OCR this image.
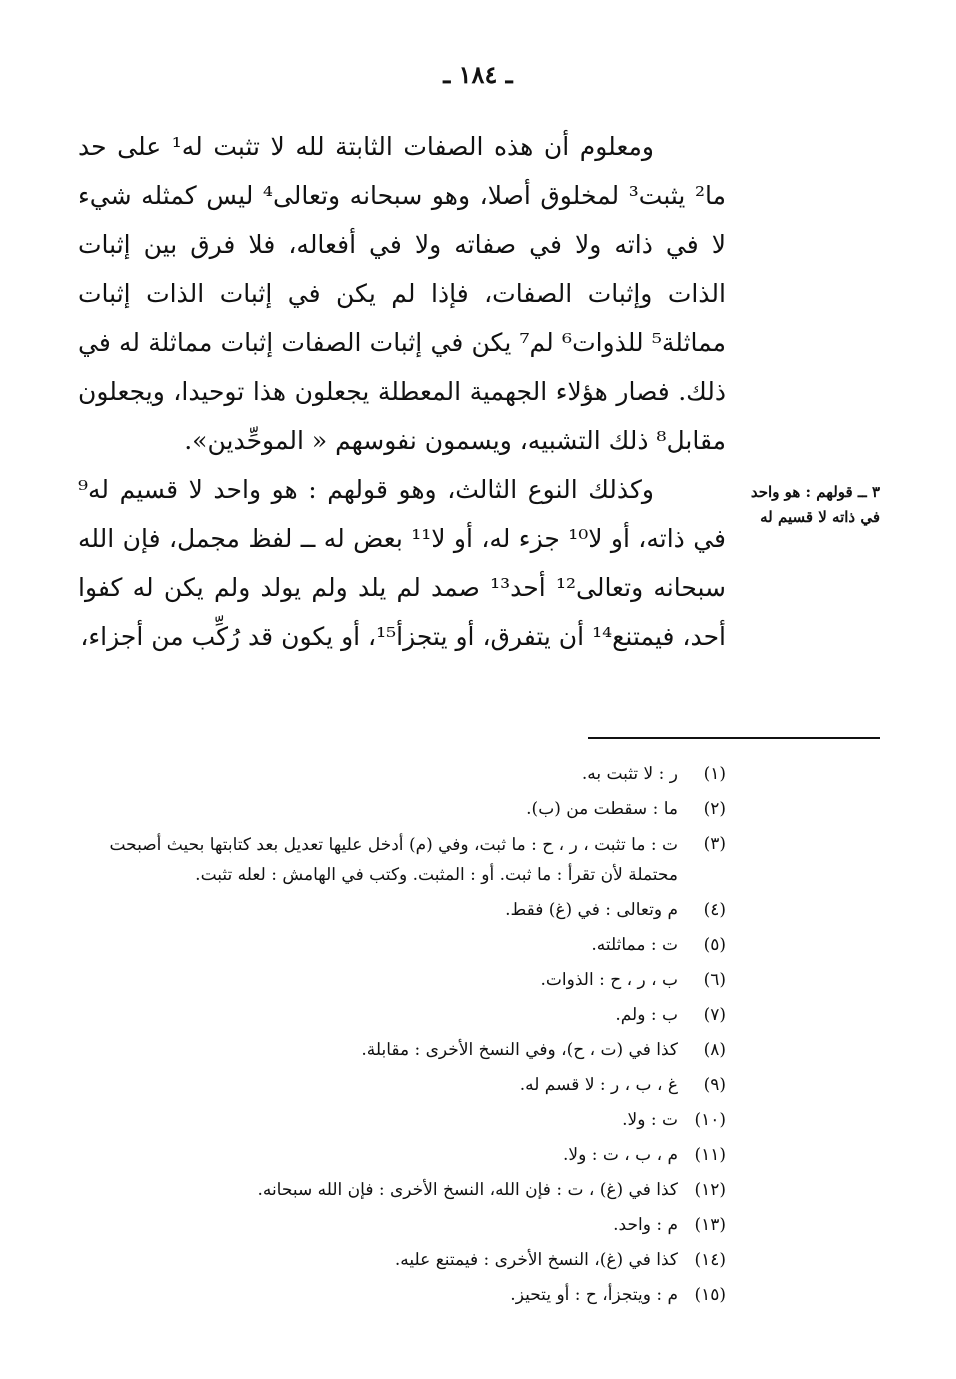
ـ ١٨٤ ـ

ومعلوم أن هذه الصفات الثابتة لله لا تثبت له¹ على حد ما² يثبت³ لمخلوق أصلا، وهو سبحانه وتعالى⁴ ليس كمثله شيء لا في ذاته ولا في صفاته ولا في أفعاله، فلا فرق بين إثبات الذات وإثبات الصفات، فإذا لم يكن في إثبات الذات إثبات مماثلة⁵ للذوات⁶ لم⁷ يكن في إثبات الصفات إثبات مماثلة له في ذلك. فصار هؤلاء الجهمية المعطلة يجعلون هذا توحيدا، ويجعلون مقابل⁸ ذلك التشبيه، ويسمون نفوسهم « الموحِّدين».

وكذلك النوع الثالث، وهو قولهم : هو واحد لا قسيم له⁹ في ذاته، أو لا¹⁰ جزء له، أو لا¹¹ بعض له ــ لفظ مجمل، فإن الله سبحانه وتعالى¹² أحد¹³ صمد لم يلد ولم يولد ولم يكن له كفوا أحد، فيمتنع¹⁴ أن يتفرق، أو يتجزأ¹⁵، أو يكون قد رُكِّب من أجزاء،

٣ ــ قولهم : هو واحد في ذاته لا قسيم له
(١)
ر : لا تثبت به.
(٢)
ما : سقطت من (ب).
(٣)
ت : ما تثبت ، ر ، ح : ما ثبت، وفي (م) أدخل عليها تعديل بعد كتابتها بحيث أصبحت محتملة لأن تقرأ : ما ثبت. أو : المثبت. وكتب في الهامش : لعله تثبت.
(٤)
م وتعالى : في (غ) فقط.
(٥)
ت : مماثلته.
(٦)
ب ، ر ، ح : الذوات.
(٧)
ب : ولم.
(٨)
كذا في (ت ، ح)، وفي النسخ الأخرى : مقابلة.
(٩)
غ ، ب ، ر : لا قسم له.
(١٠)
ت : ولا.
(١١)
م ، ب ، ت : ولا.
(١٢)
كذا في (غ) ، ت : فإن الله، النسخ الأخرى : فإن الله سبحانه.
(١٣)
م : واحد.
(١٤)
كذا في (غ)، النسخ الأخرى : فيمتنع عليه.
(١٥)
م : ويتجزأ، ح : أو يتحيز.
